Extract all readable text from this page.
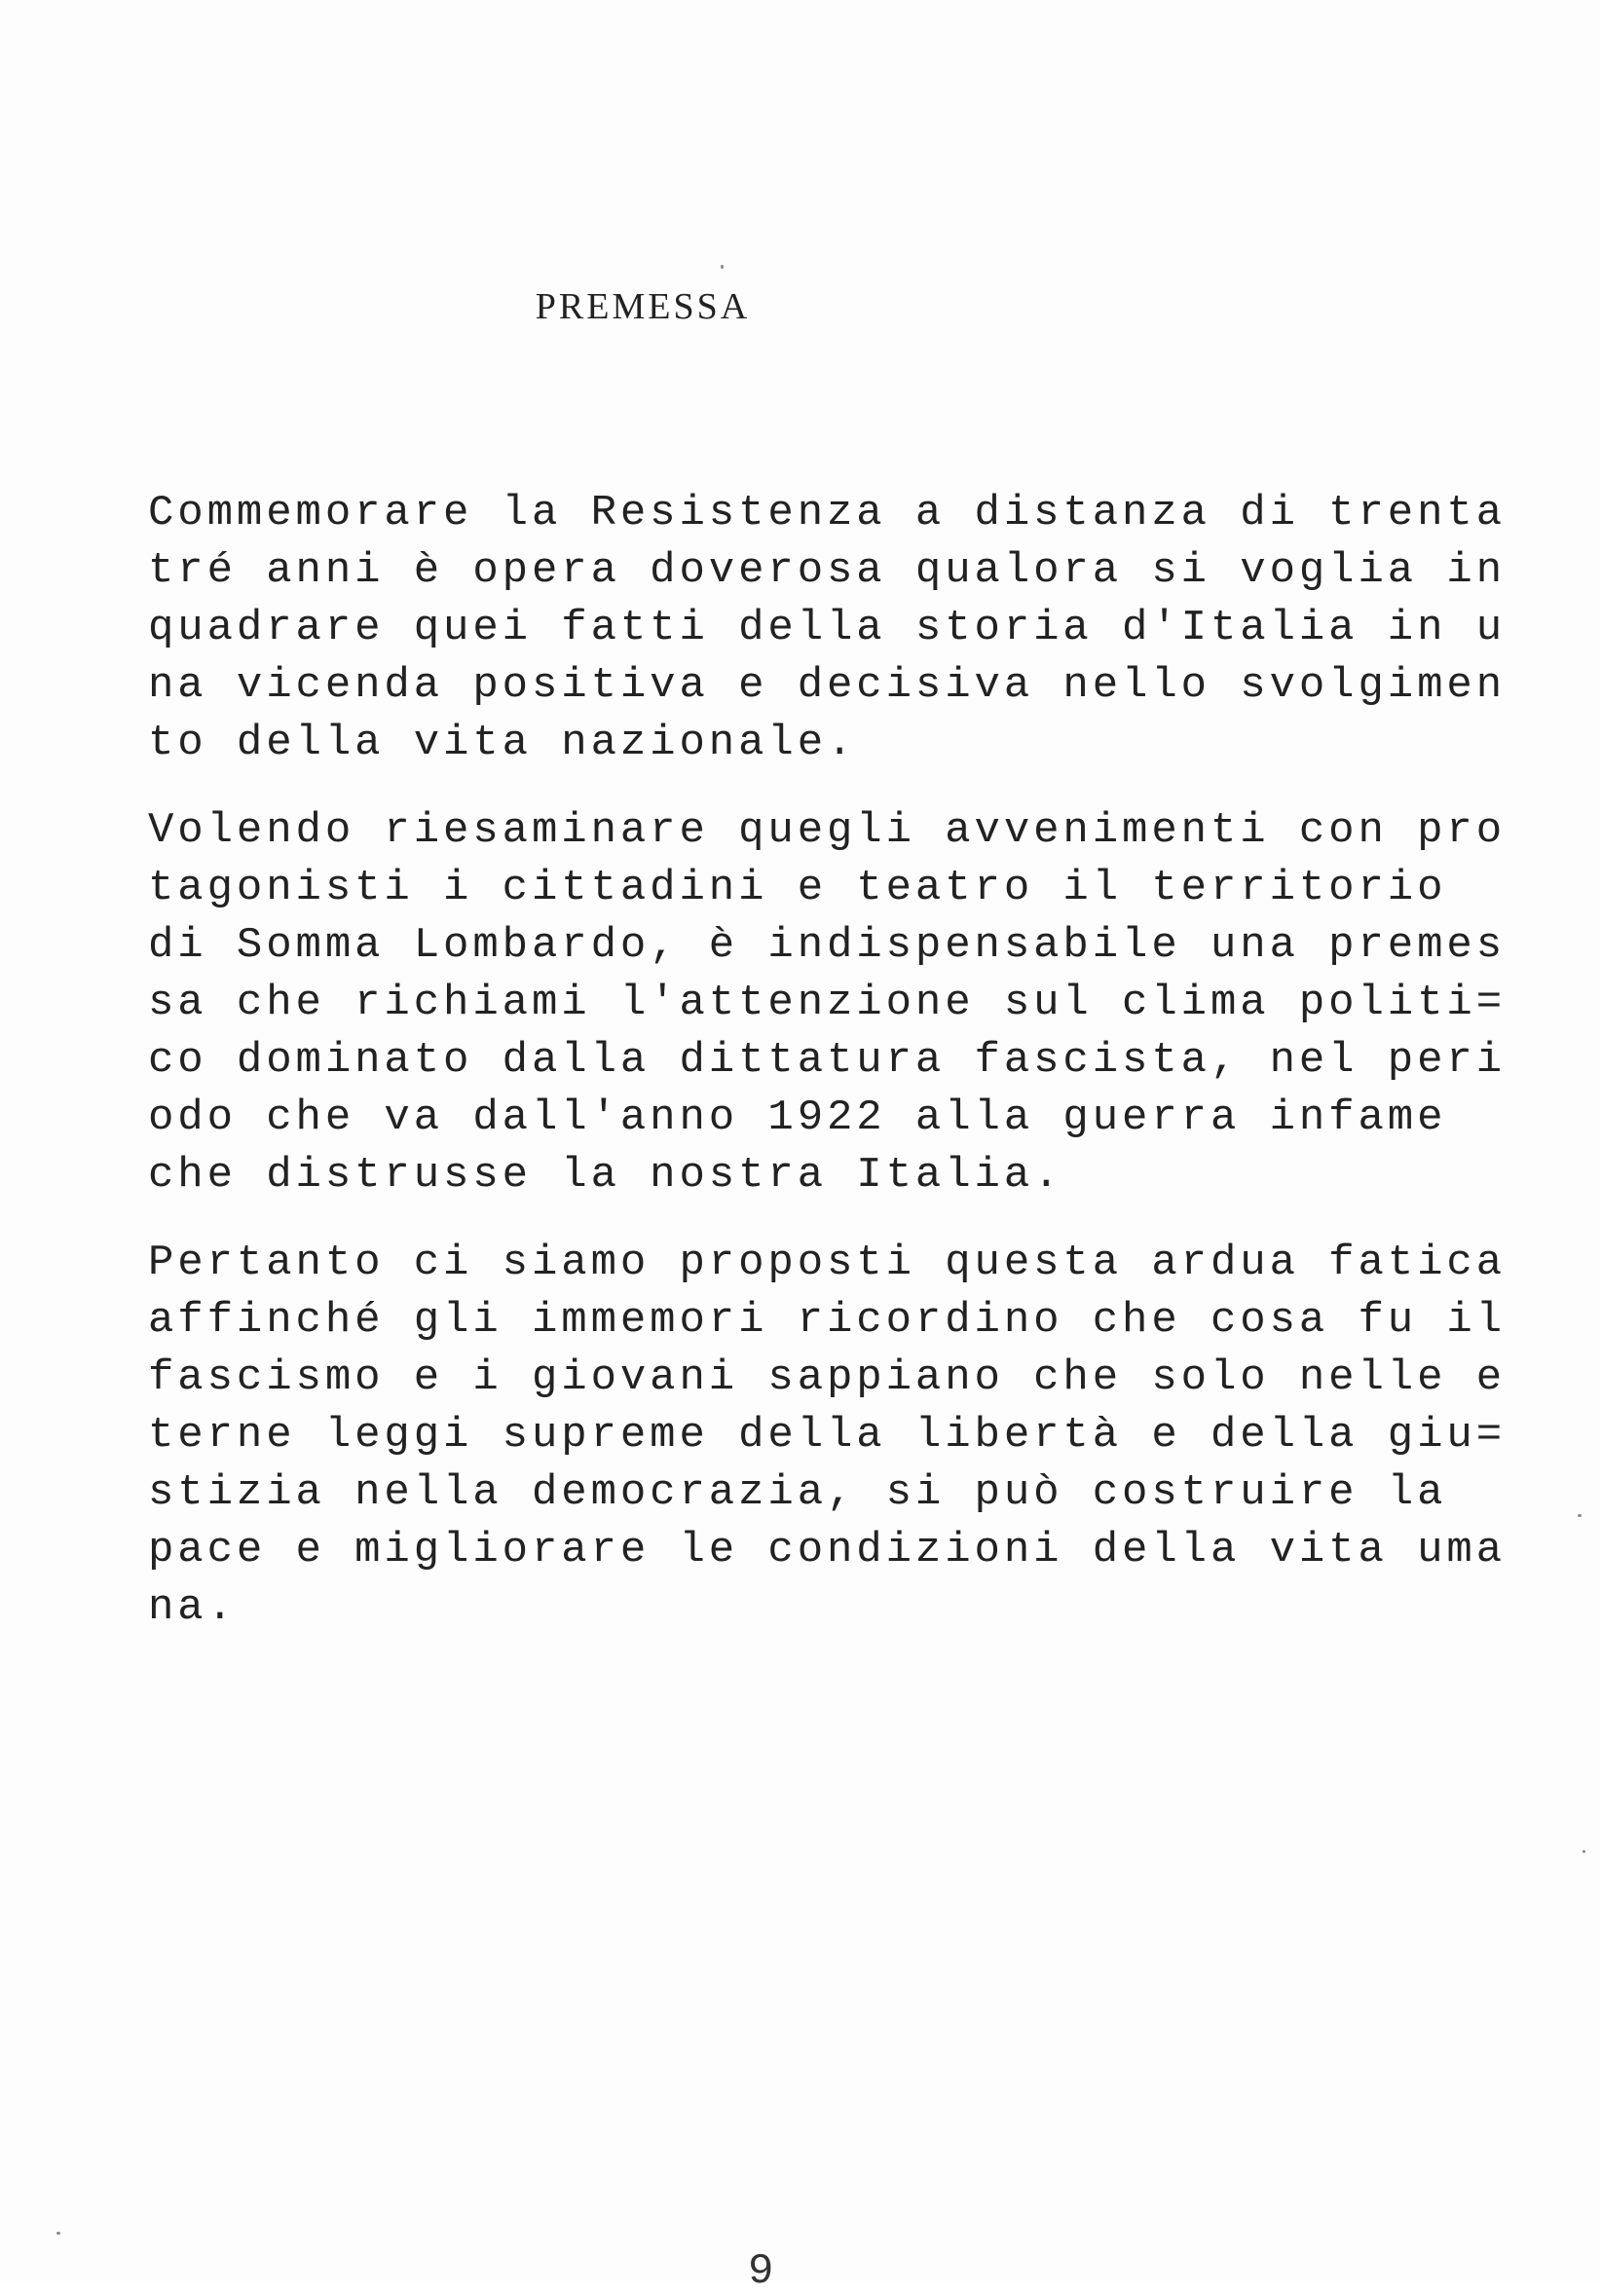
PREMESSA

Commemorare la Resistenza a distanza di trenta
tré anni è opera doverosa qualora si voglia in
quadrare quei fatti della storia d'Italia in u
na vicenda positiva e decisiva nello svolgimen
to della vita nazionale.

Volendo riesaminare quegli avvenimenti con pro
tagonisti i cittadini e teatro il territorio
di Somma Lombardo, è indispensabile una premes
sa che richiami l'attenzione sul clima politi=
co dominato dalla dittatura fascista, nel peri
odo che va dall'anno 1922 alla guerra infame
che distrusse la nostra Italia.

Pertanto ci siamo proposti questa ardua fatica
affinché gli immemori ricordino che cosa fu il
fascismo e i giovani sappiano che solo nelle e
terne leggi supreme della libertà e della giu=
stizia nella democrazia, si può costruire la
pace e migliorare le condizioni della vita uma
na.

9
